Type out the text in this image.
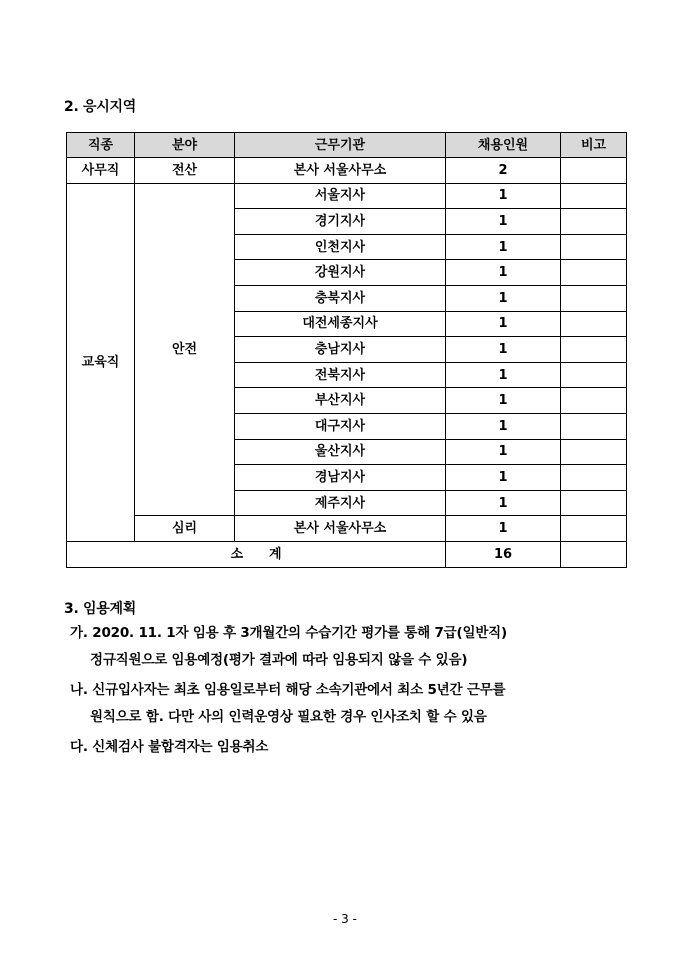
2. 응시지역
직종	분야	근무기관	채용인원	비고
사무직	전산	본사 서울사무소	2	
교육직	안전	서울지사	1	
		경기지사	1	
		인천지사	1	
		강원지사	1	
		충북지사	1	
		대전세종지사	1	
		충남지사	1	
		전북지사	1	
		부산지사	1	
		대구지사	1	
		울산지사	1	
		경남지사	1	
		제주지사	1	
	심리	본사 서울사무소	1	
소  계			16	
3. 임용계획
가. 2020. 11. 1자 임용 후 3개월간의 수습기간 평가를 통해 7급(일반직)
정규직원으로 임용예정(평가 결과에 따라 임용되지 않을 수 있음)
나. 신규입사자는 최초 임용일로부터 해당 소속기관에서 최소 5년간 근무를
원칙으로 함. 다만 사의 인력운영상 필요한 경우 인사조치 할 수 있음
다. 신체검사 불합격자는 임용취소
- 3 -
